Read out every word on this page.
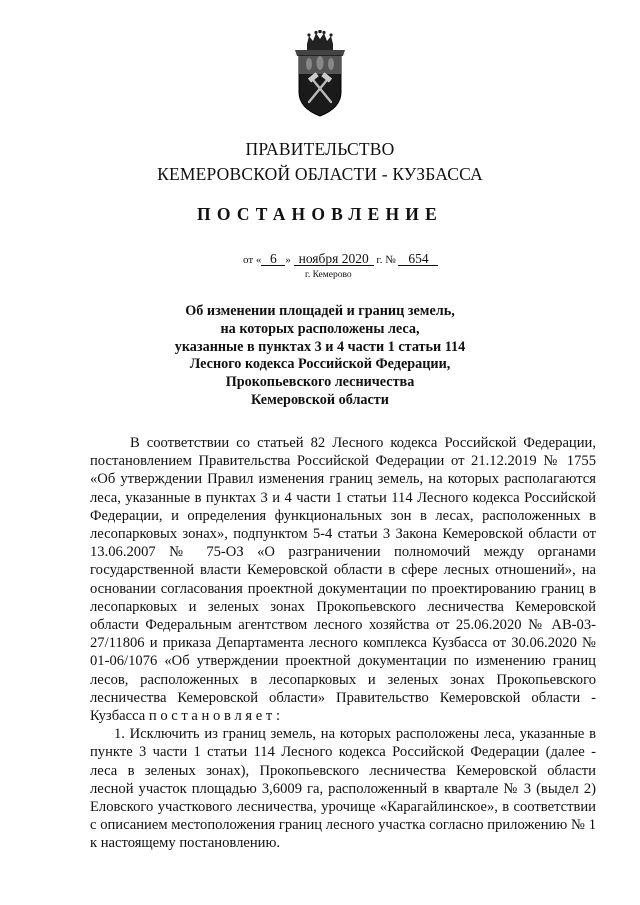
ПРАВИТЕЛЬСТВО
КЕМЕРОВСКОЙ ОБЛАСТИ - КУЗБАССА
ПОСТАНОВЛЕНИЕ
от « 6 » ноября 2020 г. № 654
г. Кемерово
Об изменении площадей и границ земель,
на которых расположены леса,
указанные в пунктах 3 и 4 части 1 статьи 114
Лесного кодекса Российской Федерации,
Прокопьевского лесничества
Кемеровской области

В соответствии со статьей 82 Лесного кодекса Российской Федерации, постановлением Правительства Российской Федерации от 21.12.2019 № 1755 «Об утверждении Правил изменения границ земель, на которых располагаются леса, указанные в пунктах 3 и 4 части 1 статьи 114 Лесного кодекса Российской Федерации, и определения функциональных зон в лесах, расположенных в лесопарковых зонах», подпунктом 5-4 статьи 3 Закона Кемеровской области от 13.06.2007 № 75-ОЗ «О разграничении полномочий между органами государственной власти Кемеровской области в сфере лесных отношений», на основании согласования проектной документации по проектированию границ в лесопарковых и зеленых зонах Прокопьевского лесничества Кемеровской области Федеральным агентством лесного хозяйства от 25.06.2020 № АВ-03-27/11806 и приказа Департамента лесного комплекса Кузбасса от 30.06.2020 № 01-06/1076 «Об утверждении проектной документации по изменению границ лесов, расположенных в лесопарковых и зеленых зонах Прокопьевского лесничества Кемеровской области» Правительство Кемеровской области - Кузбасса п о с т а н о в л я е т :

1. Исключить из границ земель, на которых расположены леса, указанные в пункте 3 части 1 статьи 114 Лесного кодекса Российской Федерации (далее - леса в зеленых зонах), Прокопьевского лесничества Кемеровской области лесной участок площадью 3,6009 га, расположенный в квартале № 3 (выдел 2) Еловского участкового лесничества, урочище «Карагайлинское», в соответствии с описанием местоположения границ лесного участка согласно приложению № 1 к настоящему постановлению.
